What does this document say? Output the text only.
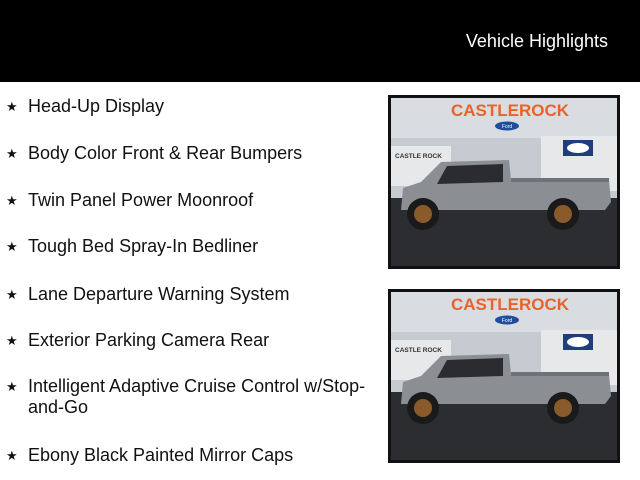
Vehicle Highlights
★ Head-Up Display
★ Body Color Front & Rear Bumpers
★ Twin Panel Power Moonroof
★ Tough Bed Spray-In Bedliner
★ Lane Departure Warning System
★ Exterior Parking Camera Rear
★ Intelligent Adaptive Cruise Control w/Stop-and-Go
★ Ebony Black Painted Mirror Caps
CASTLEROCK
Ford
CASTLE ROCK
CASTLEROCK
Ford
CASTLE ROCK
